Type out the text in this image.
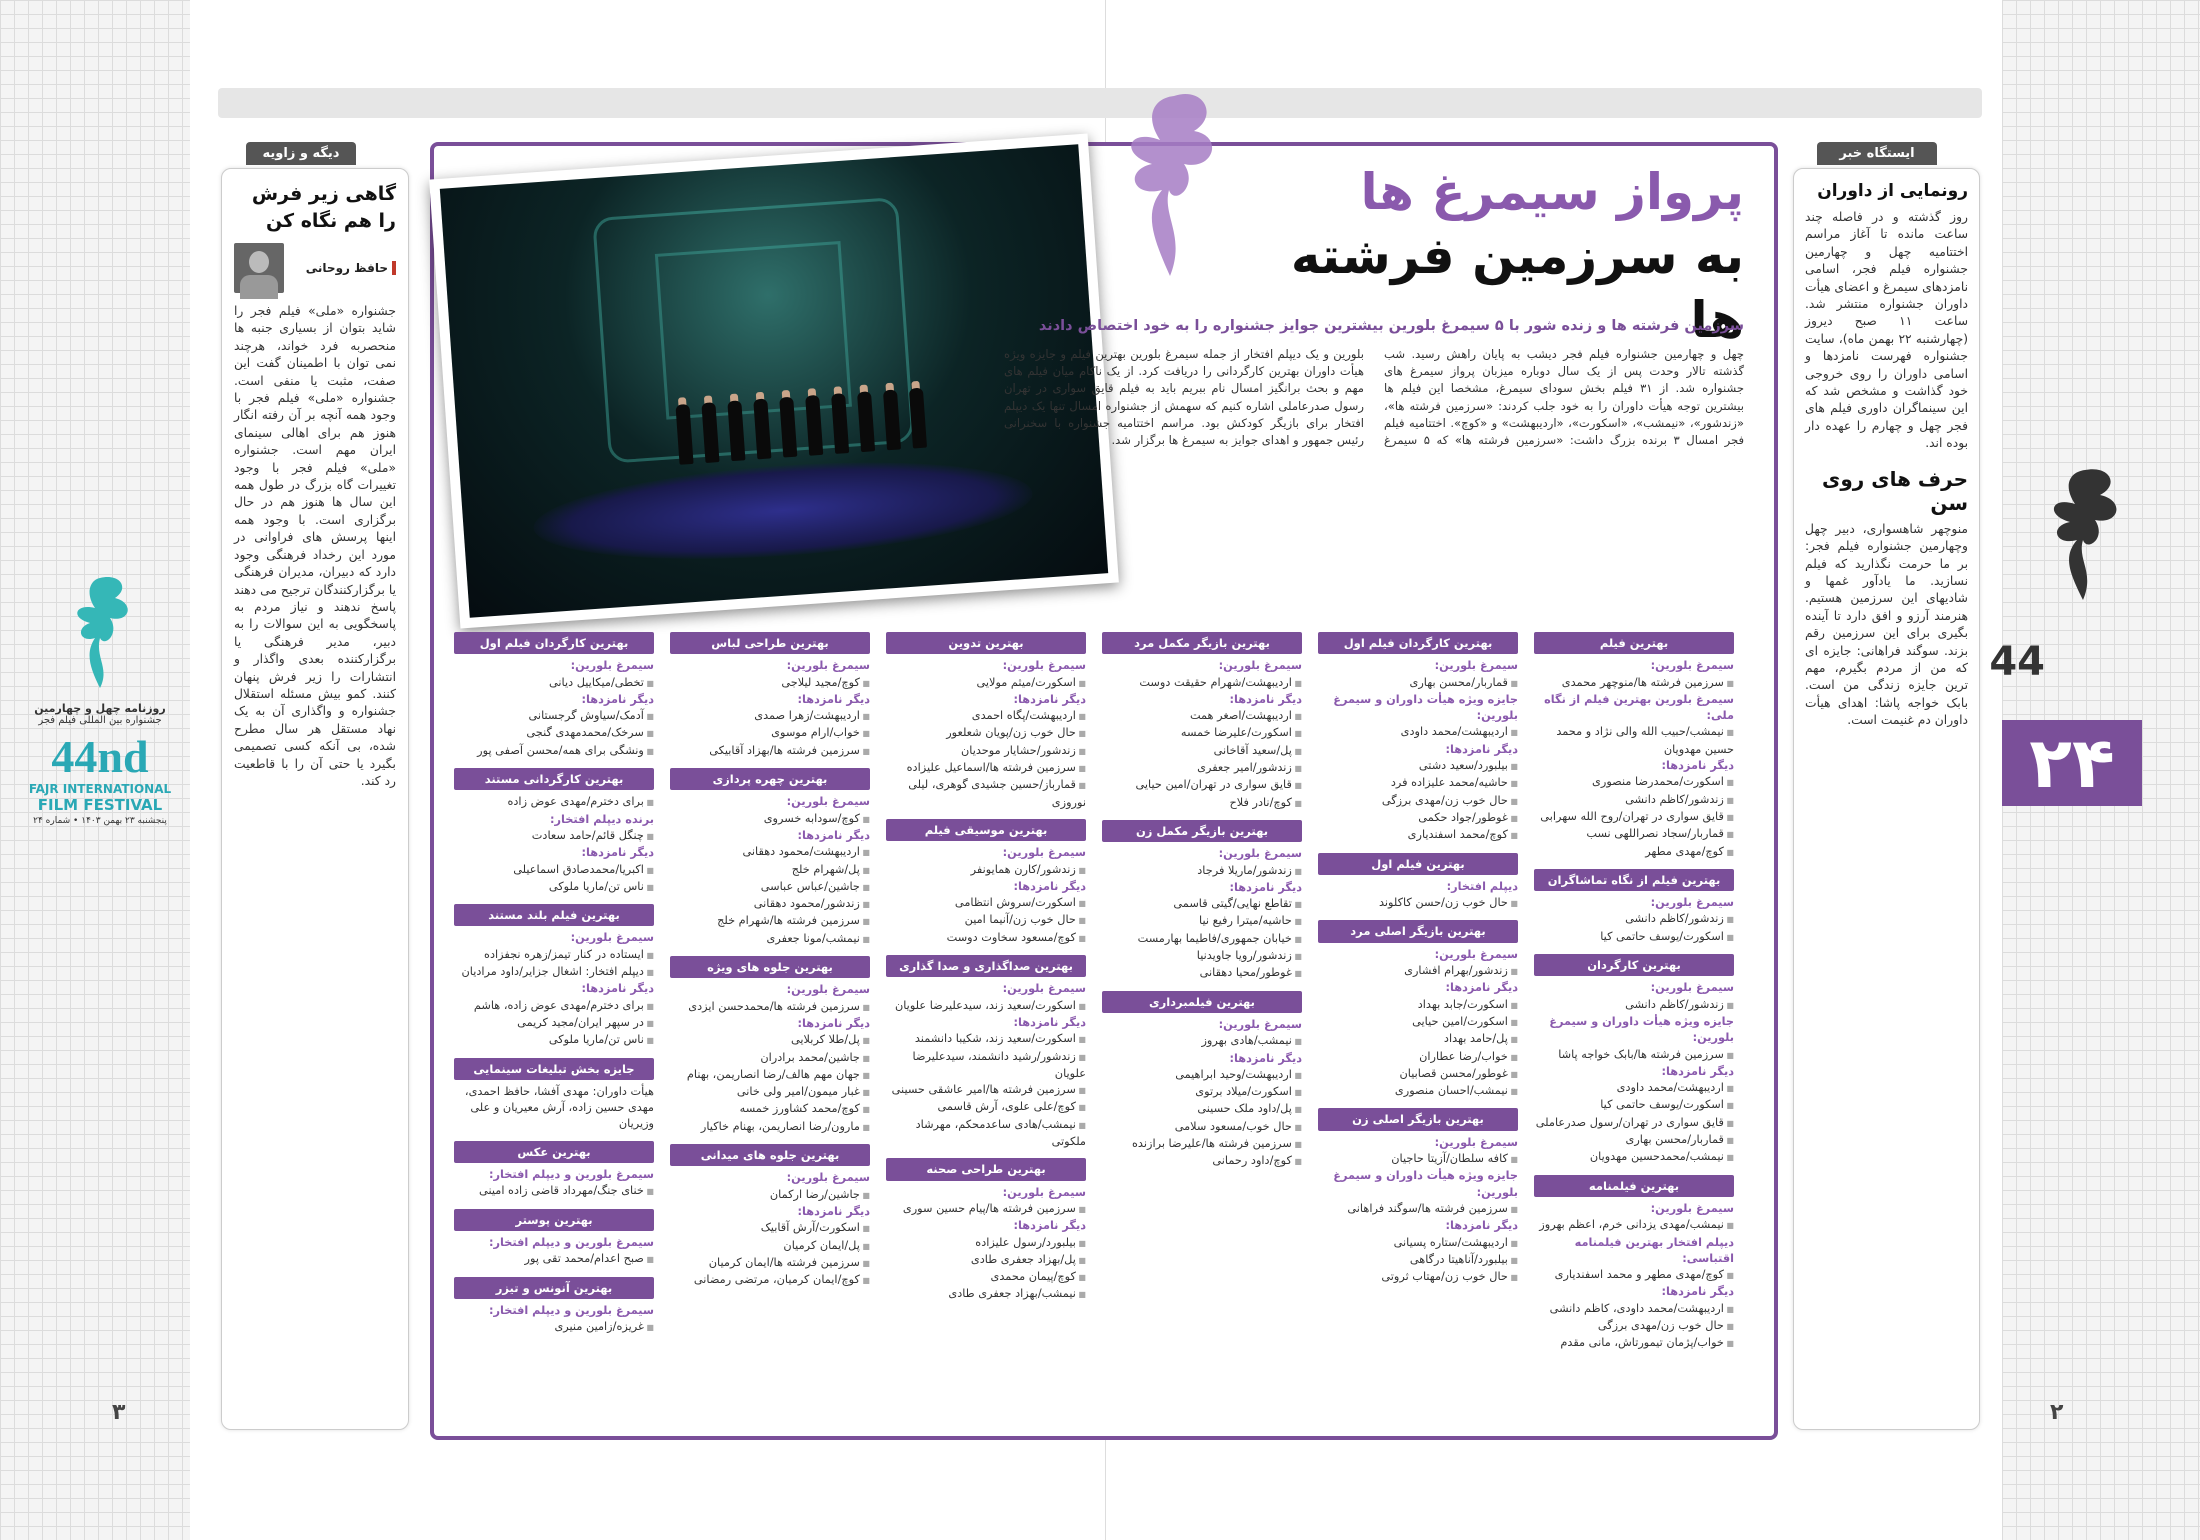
۳	۲
روزنامه چهل و چهارمین
جشنواره بین المللی فیلم فجر
44nd
FAJR INTERNATIONAL
FILM FESTIVAL
پنجشنبه ۲۳ بهمن ۱۴۰۳ • شماره ۲۴
44
۲۴
دیگه و زاویه
گاهی زیر فرش را هم نگاه کن
حافظ روحانی
جشنواره «ملی» فیلم فجر را شاید بتوان از بسیاری جنبه ها منحصربه فرد خواند، هرچند نمی توان با اطمینان گفت این صفت، مثبت یا منفی است. جشنواره «ملی» فیلم فجر با وجود همه آنچه بر آن رفته انگار هنوز هم برای اهالی سینمای ایران مهم است. جشنواره «ملی» فیلم فجر با وجود تغییرات گاه بزرگ در طول همه این سال ها هنوز هم در حال برگزاری است. با وجود همه اینها پرسش های فراوانی در مورد این رخداد فرهنگی وجود دارد که دبیران، مدیران فرهنگی یا برگزارکنندگان ترجیح می دهند پاسخ ندهند و نیاز مردم به پاسخگویی به این سوالات را به دبیر، مدیر فرهنگی یا برگزارکننده بعدی واگذار و انتشارات را زیر فرش پنهان کنند. کمو بیش مسئله استقلال جشنواره و واگذاری آن به یک نهاد مستقل هر سال مطرح شده، بی آنکه کسی تصمیمی بگیرد یا حتی آن را با قاطعیت رد کند.
ایستگاه خبر
رونمایی از داوران
روز گذشته و در فاصله چند ساعت مانده تا آغاز مراسم اختتامیه چهل و چهارمین جشنواره فیلم فجر، اسامی نامزدهای سیمرغ و اعضای هیأت داوران جشنواره منتشر شد. ساعت ۱۱ صبح دیروز (چهارشنبه ۲۲ بهمن ماه)، سایت جشنواره فهرست نامزدها و اسامی داوران را روی خروجی خود گذاشت و مشخص شد که این سینماگران داوری فیلم های فجر چهل و چهارم را عهده دار بوده اند.
حرف های روی سن
منوچهر شاهسواری، دبیر چهل وچهارمین جشنواره فیلم فجر: بر ما حرمت نگذارید که فیلم نسازید. ما یادآور غمها و شادیهای این سرزمین هستیم. هنرمند آرزو و افق دارد تا آینده بگیری برای این سرزمین رقم بزند. سوگند فراهانی: جایزه ای که من از مردم بگیرم، مهم ترین جایزه زندگی من است. بابک خواجه پاشا: اهدای هیأت داوران دم غنیمت است.
پرواز سیمرغ ها
به سرزمین فرشته ها
سرزمین فرشته ها و زنده شور با ۵ سیمرغ بلورین بیشترین جوایز جشنواره را به خود اختصاص دادند
چهل و چهارمین جشنواره فیلم فجر دیشب به پایان راهش رسید. شب گذشته تالار وحدت پس از یک سال دوباره میزبان پرواز سیمرغ های جشنواره شد. از ۳۱ فیلم بخش سودای سیمرغ، مشخصا این فیلم ها بیشترین توجه هیأت داوران را به خود جلب کردند: «سرزمین فرشته ها»، «زندشور»، «نیمشب»، «اسکورت»، «اردیبهشت» و «کوچ». اختتامیه فیلم فجر امسال ۳ برنده بزرگ داشت: «سرزمین فرشته ها» که ۵ سیمرغ بلورین و یک دیپلم افتخار از جمله سیمرغ بلورین بهترین فیلم و جایزه ویژه هیأت داوران بهترین کارگردانی را دریافت کرد. از یک ناکام میان فیلم های مهم و بحث برانگیز امسال نام ببریم باید به فیلم قایق سواری در تهران رسول صدرعاملی اشاره کنیم که سهمش از جشنواره امسال تنها یک دیپلم افتخار برای بازیگر کودکش بود. مراسم اختتامیه جشنواره با سخنرانی رئیس جمهور و اهدای جوایز به سیمرغ ها برگزار شد.
بهترین کارگردان فیلم اول
سیمرغ بلورین:
■ تخطی/میکاییل دیانی
دیگر نامزدها:
■ آدمک/سیاوش گرجستانی
■ سرخک/محمدمهدی گنجی
■ ونشگی برای همه/محسن آصفی پور
بهترین کارگردانی مستند
■ برای دخترم/مهدی عوض زاده
برنده دیپلم افتخار:
■ چنگل قائم/حامد سعادت
دیگر نامزدها:
■ اکبریا/محمدصادق اسماعیلی
■ ناس تن/ماریا ملوکی
بهترین فیلم بلند مستند
سیمرغ بلورین:
■ ایستاده در کنار تیمز/زهره نجفزاده
■ دیپلم افتخار: اشغال جزایر/داود مرادیان
دیگر نامزدها:
■ برای دخترم/مهدی عوض زاده، هاشم
■ در سپهر ایران/مجید کریمی
■ ناس تن/ماریا ملوکی
جایزه بخش تبلیغات سینمایی
هیأت داوران: مهدی آفشا، حافظ احمدی، مهدی حسین زاده، آرش معیریان و علی وزیریان
بهترین عکس
سیمرغ بلورین و دیپلم افتخار:
■ خنای جنگ/مهرداد قاضی زاده امینی
بهترین پوستر
سیمرغ بلورین و دیپلم افتخار:
■ صبح اعدام/محمد تقی پور
بهترین آنونس و تیزر
سیمرغ بلورین و دیپلم افتخار:
■ غریزه/زامین منیری
بهترین طراحی لباس
سیمرغ بلورین:
■ کوچ/مجید لیلاجی
دیگر نامزدها:
■ اردیبهشت/زهرا صمدی
■ خواب/ارام موسوی
■ سرزمین فرشته ها/بهزاد آقابیکی
بهترین چهره پردازی
سیمرغ بلورین:
■ کوچ/سودابه خسروی
دیگر نامزدها:
■ اردیبهشت/محمود دهقانی
■ پل/شهرام خلج
■ جاشین/عباس عباسی
■ زندشور/محمود دهقانی
■ سرزمین فرشته ها/شهرام خلج
■ نیمشب/مونا جعفری
بهترین جلوه های ویژه
سیمرغ بلورین:
■ سرزمین فرشته ها/محمدحسن ایزدی
دیگر نامزدها:
■ پل/طلا کربلایی
■ جاشین/محمد برادران
■ جهان مهم هالف/رضا انصاریمن، بهنام
■ غبار میمون/امیر ولی خانی
■ کوچ/محمد کشاورز خمسه
■ مارون/رضا انصاریمن، بهنام خاکیار
بهترین جلوه های میدانی
سیمرغ بلورین:
■ جاشین/رضا ارکمان
دیگر نامزدها:
■ اسکورت/آرش آقابیک
■ پل/ایمان کرمیان
■ سرزمین فرشته ها/ایمان کرمیان
■ کوچ/ایمان کرمیان، مرتضی رمضانی
بهترین تدوین
سیمرغ بلورین:
■ اسکورت/میثم مولایی
دیگر نامزدها:
■ اردیبهشت/پگاه احمدی
■ حال خوب زن/پویان شعلعور
■ زندشور/حشایار موحدیان
■ سرزمین فرشته ها/اسماعیل علیزاده
■ قمارباز/حسین جشیدی گوهری، لیلی نوروزی
بهترین موسیقی فیلم
سیمرغ بلورین:
■ زندشور/کارن همایونفر
دیگر نامزدها:
■ اسکورت/سروش انتظامی
■ حال خوب زن/آنیما امین
■ کوچ/مسعود سخاوت دوست
بهترین صداگذاری و صدا گذاری
سیمرغ بلورین:
■ اسکورت/سعید زند، سیدعلیرضا علویان
دیگر نامزدها:
■ اسکورت/سعید زند، شکیبا دانشمند
■ زندشور/رشید دانشمند، سیدعلیرضا علویان
■ سرزمین فرشته ها/امیر عاشقی حسینی
■ کوچ/علی علوی، آرش قاسمی
■ نیمشب/هادی ساعدمحکم، مهرشاد ملکوتی
بهترین طراحی صحنه
سیمرغ بلورین:
■ سرزمین فرشته ها/پیام حسین سوری
دیگر نامزدها:
■ بیلبورد/رسول علیزاده
■ پل/بهزاد جعفری طادی
■ کوچ/پیمان محمدی
■ نیمشب/بهزاد جعفری طادی
بهترین بازیگر مکمل مرد
سیمرغ بلورین:
■ اردیبهشت/شهرام حقیقت دوست
دیگر نامزدها:
■ اردیبهشت/اصغر همت
■ اسکورت/علیرضا خمسه
■ پل/سعید آقاخانی
■ زندشور/امیر جعفری
■ قایق سواری در تهران/امین حیایی
■ کوچ/نادر فلاح
بهترین بازیگر مکمل زن
سیمرغ بلورین:
■ زندشور/ماریلا فرجاد
دیگر نامزدها:
■ تقاطع نهایی/گیتی قاسمی
■ حاشیه/میترا رفیع نیا
■ خیابان جمهوری/فاطیما بهارمست
■ زندشور/رویا جاویدنیا
■ غوطور/محیا دهقانی
بهترین فیلمبرداری
سیمرغ بلورین:
■ نیمشب/هادی بهروز
دیگر نامزدها:
■ اردیبهشت/وحید ابراهیمی
■ اسکورت/میلاد برتوی
■ پل/داود ملک حسینی
■ حال خوب/مسعود سلامی
■ سرزمین فرشته ها/علیرضا برازنده
■ کوچ/داود رحمانی
بهترین کارگردان فیلم اول
سیمرغ بلورین:
■ قماربار/محسن بهاری
جایزه ویژه هیأت داوران و سیمرغ بلورین:
■ اردیبهشت/محمد داودی
دیگر نامزدها:
■ بیلبورد/سعید دشتی
■ حاشیه/محمد علیزاده فرد
■ حال خوب زن/مهدی برزگی
■ غوطور/جواد حکمی
■ کوچ/محمد اسفندیاری
بهترین فیلم اول
دیپلم افتخار:
■ حال خوب زن/حسن کاکلوند
بهترین بازیگر اصلی مرد
سیمرغ بلورین:
■ زندشور/بهرام افشاری
دیگر نامزدها:
■ اسکورت/جابد بهداد
■ اسکورت/امین حیایی
■ پل/حامد بهداد
■ خواب/رضا عطاران
■ غوطور/محسن قصابیان
■ نیمشب/احسان منصوری
بهترین بازیگر اصلی زن
سیمرغ بلورین:
■ کافه سلطان/آزیتا حاجیان
جایزه ویژه هیأت داوران و سیمرغ بلورین:
■ سرزمین فرشته ها/سوگند فراهانی
دیگر نامزدها:
■ اردیبهشت/ستاره پسیانی
■ بیلبورد/آناهیتا درگاهی
■ حال خوب زن/مهتاب ثروتی
بهترین فیلم
سیمرغ بلورین:
■ سرزمین فرشته ها/منوچهر محمدی
سیمرغ بلورین بهترین فیلم از نگاه ملی:
■ نیمشب/حبیب الله والی نژاد و محمد حسین مهدویان
دیگر نامزدها:
■ اسکورت/محمدرضا منصوری
■ زندشور/کاظم دانشی
■ قایق سواری در تهران/روح الله سهرابی
■ قماربار/سجاد نصراللهی نسب
■ کوچ/مهدی مطهر
بهترین فیلم از نگاه تماشاگران
سیمرغ بلورین:
■ زندشور/کاظم دانشی
■ اسکورت/یوسف حاتمی کیا
بهترین کارگردان
سیمرغ بلورین:
■ زندشور/کاظم دانشی
جایزه ویژه هیأت داوران و سیمرغ بلورین:
■ سرزمین فرشته ها/بابک خواجه پاشا
دیگر نامزدها:
■ اردیبهشت/محمد داودی
■ اسکورت/یوسف حاتمی کیا
■ قایق سواری در تهران/رسول صدرعاملی
■ قماربار/محسن بهاری
■ نیمشب/محمدحسین مهدویان
بهترین فیلمنامه
سیمرغ بلورین:
■ نیمشب/مهدی یزدانی خرم، اعظم بهروز
دیپلم افتخار بهترین فیلمنامه اقتباسی:
■ کوچ/مهدی مطهر و محمد اسفندیاری
دیگر نامزدها:
■ اردیبهشت/محمد داودی، کاظم دانشی
■ حال خوب زن/مهدی برزگی
■ خواب/پژمان تیمورتاش، مانی مقدم
